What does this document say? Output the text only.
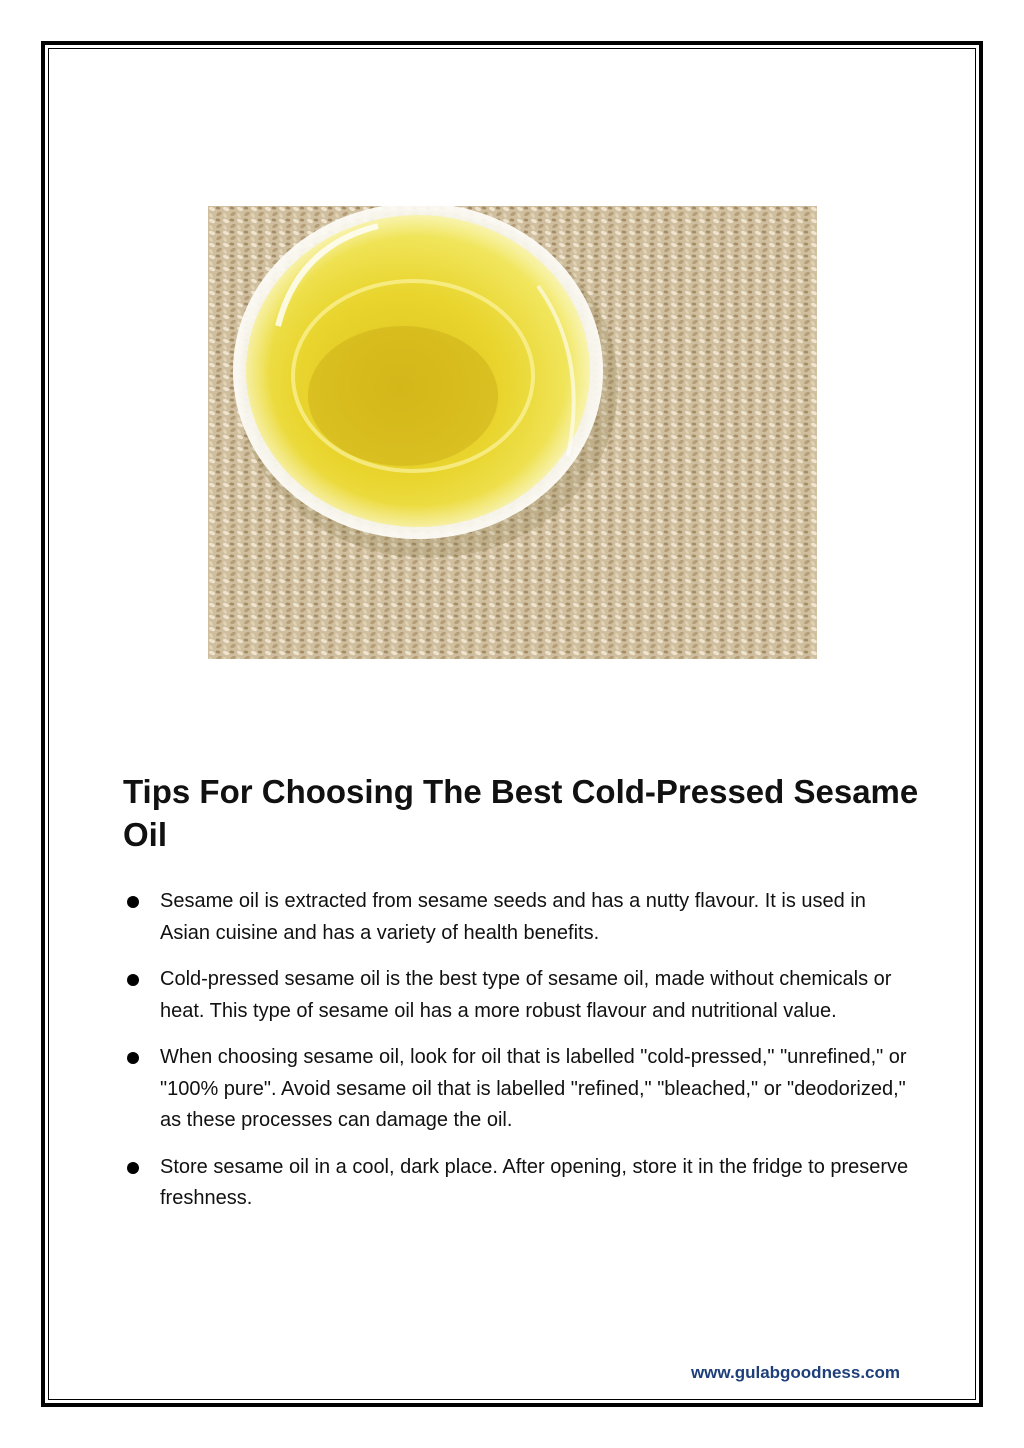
Tips For Choosing The Best Cold-Pressed Sesame Oil
Sesame oil is extracted from sesame seeds and has a nutty flavour. It is used in Asian cuisine and has a variety of health benefits.
Cold-pressed sesame oil is the best type of sesame oil, made without chemicals or heat. This type of sesame oil has a more robust flavour and nutritional value.
When choosing sesame oil, look for oil that is labelled "cold-pressed," "unrefined," or "100% pure". Avoid sesame oil that is labelled "refined," "bleached," or "deodorized," as these processes can damage the oil.
Store sesame oil in a cool, dark place. After opening, store it in the fridge to preserve freshness.
www.gulabgoodness.com
